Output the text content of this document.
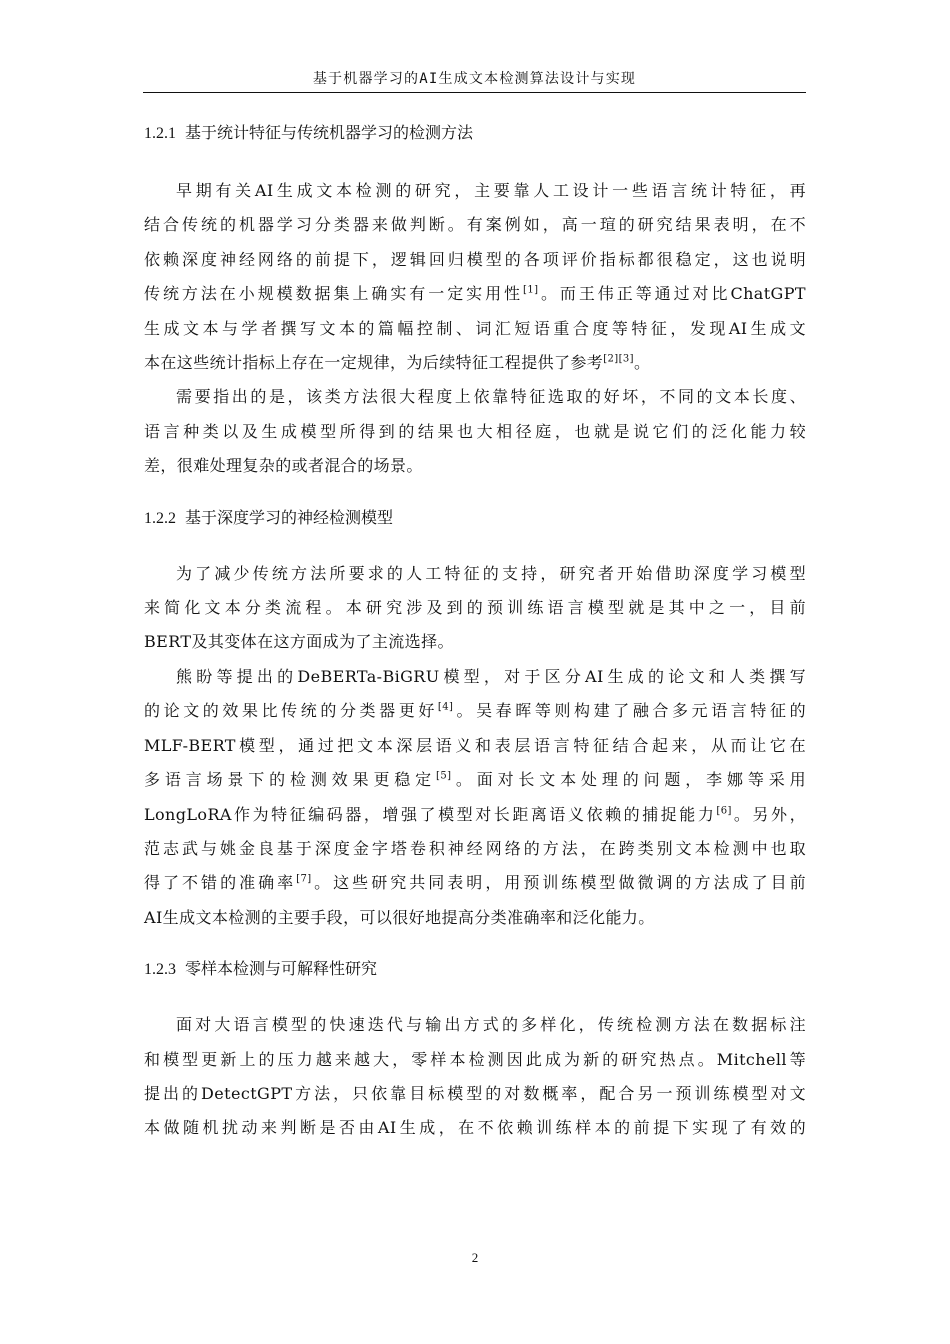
基于机器学习的AI生成文本检测算法设计与实现
1.2.1 基于统计特征与传统机器学习的检测方法

早期有关AI生成文本检测的研究，主要靠人工设计一些语言统计特征，再
结合传统的机器学习分类器来做判断。有案例如，高一瑄的研究结果表明，在不
依赖深度神经网络的前提下，逻辑回归模型的各项评价指标都很稳定，这也说明
传统方法在小规模数据集上确实有一定实用性[1]。而王伟正等通过对比ChatGPT
生成文本与学者撰写文本的篇幅控制、词汇短语重合度等特征，发现AI生成文
本在这些统计指标上存在一定规律，为后续特征工程提供了参考[2][3]。

需要指出的是，该类方法很大程度上依靠特征选取的好坏，不同的文本长度、
语言种类以及生成模型所得到的结果也大相径庭，也就是说它们的泛化能力较
差，很难处理复杂的或者混合的场景。

1.2.2 基于深度学习的神经检测模型

为了减少传统方法所要求的人工特征的支持，研究者开始借助深度学习模型
来简化文本分类流程。本研究涉及到的预训练语言模型就是其中之一，目前
BERT及其变体在这方面成为了主流选择。

熊盼等提出的DeBERTa-BiGRU模型，对于区分AI生成的论文和人类撰写
的论文的效果比传统的分类器更好[4]。吴春晖等则构建了融合多元语言特征的
MLF-BERT模型，通过把文本深层语义和表层语言特征结合起来，从而让它在
多语言场景下的检测效果更稳定[5]。面对长文本处理的问题，李娜等采用
LongLoRA作为特征编码器，增强了模型对长距离语义依赖的捕捉能力[6]。另外，
范志武与姚金良基于深度金字塔卷积神经网络的方法，在跨类别文本检测中也取
得了不错的准确率[7]。这些研究共同表明，用预训练模型做微调的方法成了目前
AI生成文本检测的主要手段，可以很好地提高分类准确率和泛化能力。

1.2.3 零样本检测与可解释性研究

面对大语言模型的快速迭代与输出方式的多样化，传统检测方法在数据标注
和模型更新上的压力越来越大，零样本检测因此成为新的研究热点。Mitchell等
提出的DetectGPT方法，只依靠目标模型的对数概率，配合另一预训练模型对文
本做随机扰动来判断是否由AI生成，在不依赖训练样本的前提下实现了有效的

2
